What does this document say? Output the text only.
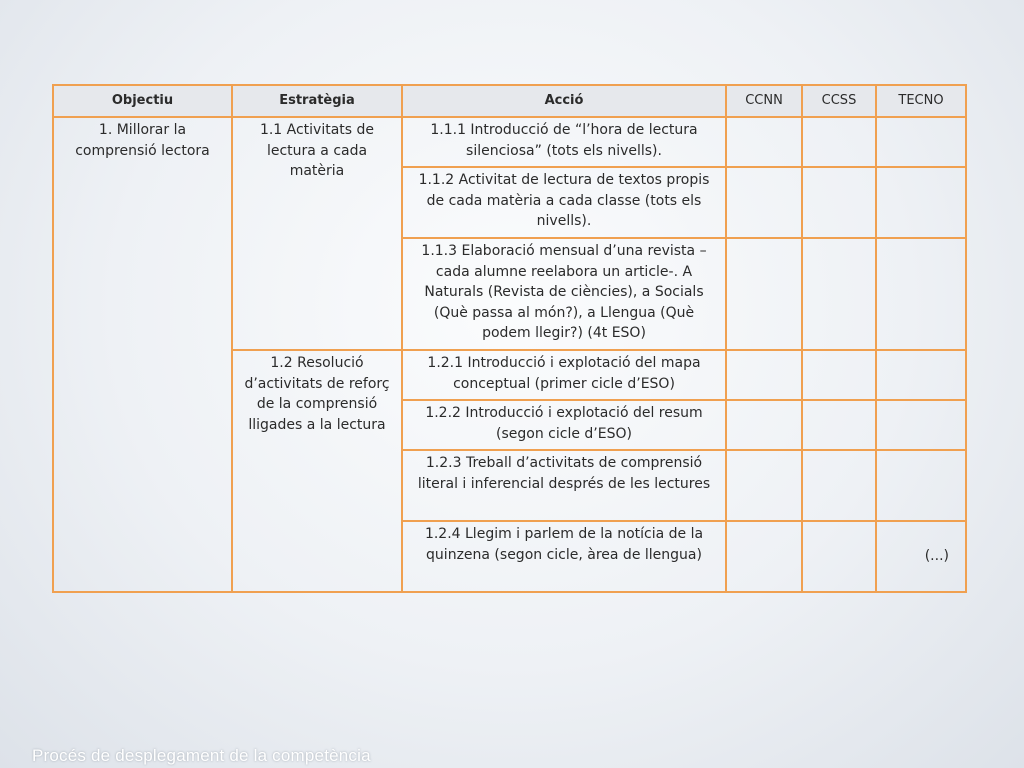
Objectiu	Estratègia	Acció	CCNN	CCSS	TECNO
1. Millorar la comprensió lectora	1.1 Activitats de lectura a cada matèria	1.1.1 Introducció de “l’hora de lectura silenciosa” (tots els nivells).			
		1.1.2 Activitat de lectura de textos propis de cada matèria a cada classe (tots els nivells).			
		1.1.3 Elaboració mensual d’una revista –cada alumne reelabora un article-. A Naturals (Revista de ciències), a Socials (Què passa al món?), a Llengua (Què podem llegir?) (4t ESO)			
	1.2 Resolució d’activitats de reforç de la comprensió lligades a la lectura	1.2.1 Introducció i explotació del mapa conceptual (primer cicle d’ESO)			
		1.2.2 Introducció i explotació del resum (segon cicle d’ESO)			
		1.2.3 Treball d’activitats de comprensió literal i inferencial després de les lectures			
		1.2.4 Llegim i parlem de la notícia de la quinzena (segon cicle, àrea de llengua)			(...)
Procés de desplegament de la competència
